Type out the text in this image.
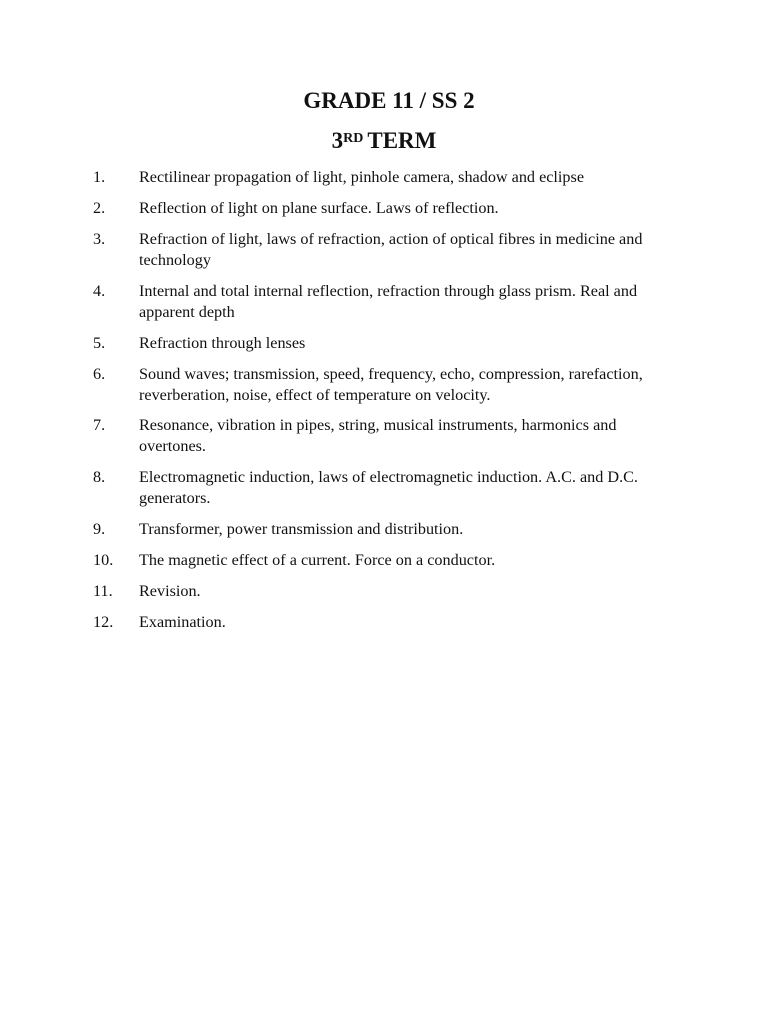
GRADE 11 / SS 2
3RD TERM
1. Rectilinear propagation of light, pinhole camera, shadow and eclipse
2. Reflection of light on plane surface. Laws of reflection.
3. Refraction of light, laws of refraction, action of optical fibres in medicine and technology
4. Internal and total internal reflection, refraction through glass prism. Real and apparent depth
5. Refraction through lenses
6. Sound waves; transmission, speed, frequency, echo, compression, rarefaction, reverberation, noise, effect of temperature on velocity.
7. Resonance, vibration in pipes, string, musical instruments, harmonics and overtones.
8. Electromagnetic induction, laws of electromagnetic induction. A.C. and D.C. generators.
9. Transformer, power transmission and distribution.
10. The magnetic effect of a current. Force on a conductor.
11. Revision.
12. Examination.
